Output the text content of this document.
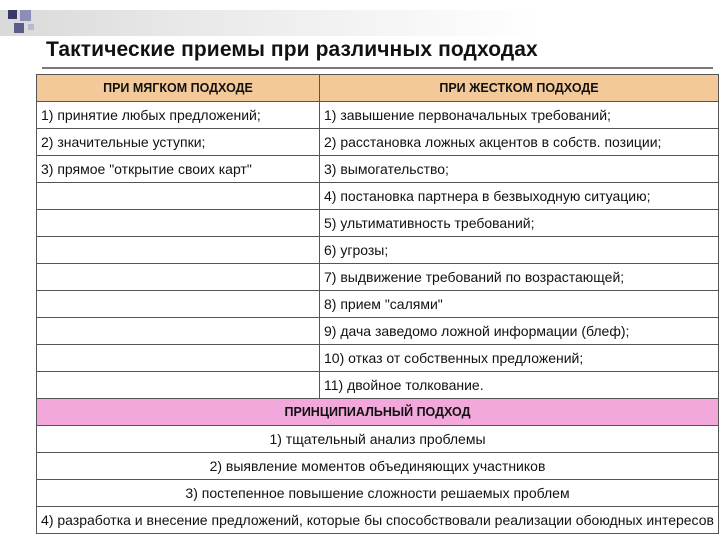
Тактические приемы при различных подходах
ПРИ МЯГКОМ ПОДХОДЕ	ПРИ ЖЕСТКОМ ПОДХОДЕ
1) принятие любых предложений;	1) завышение первоначальных требований;
2) значительные уступки;	2) расстановка ложных акцентов в собств. позиции;
3) прямое "открытие своих карт"	3) вымогательство;
	4) постановка партнера в безвыходную ситуацию;
	5) ультимативность требований;
	6) угрозы;
	7) выдвижение требований по возрастающей;
	8) прием "салями"
	9) дача заведомо ложной информации (блеф);
	10) отказ от собственных предложений;
	11) двойное толкование.
ПРИНЦИПИАЛЬНЫЙ ПОДХОД	
1) тщательный анализ проблемы	
2) выявление моментов объединяющих участников	
3) постепенное повышение сложности решаемых проблем	
4) разработка и внесение предложений, которые бы способствовали реализации обоюдных интересов	
